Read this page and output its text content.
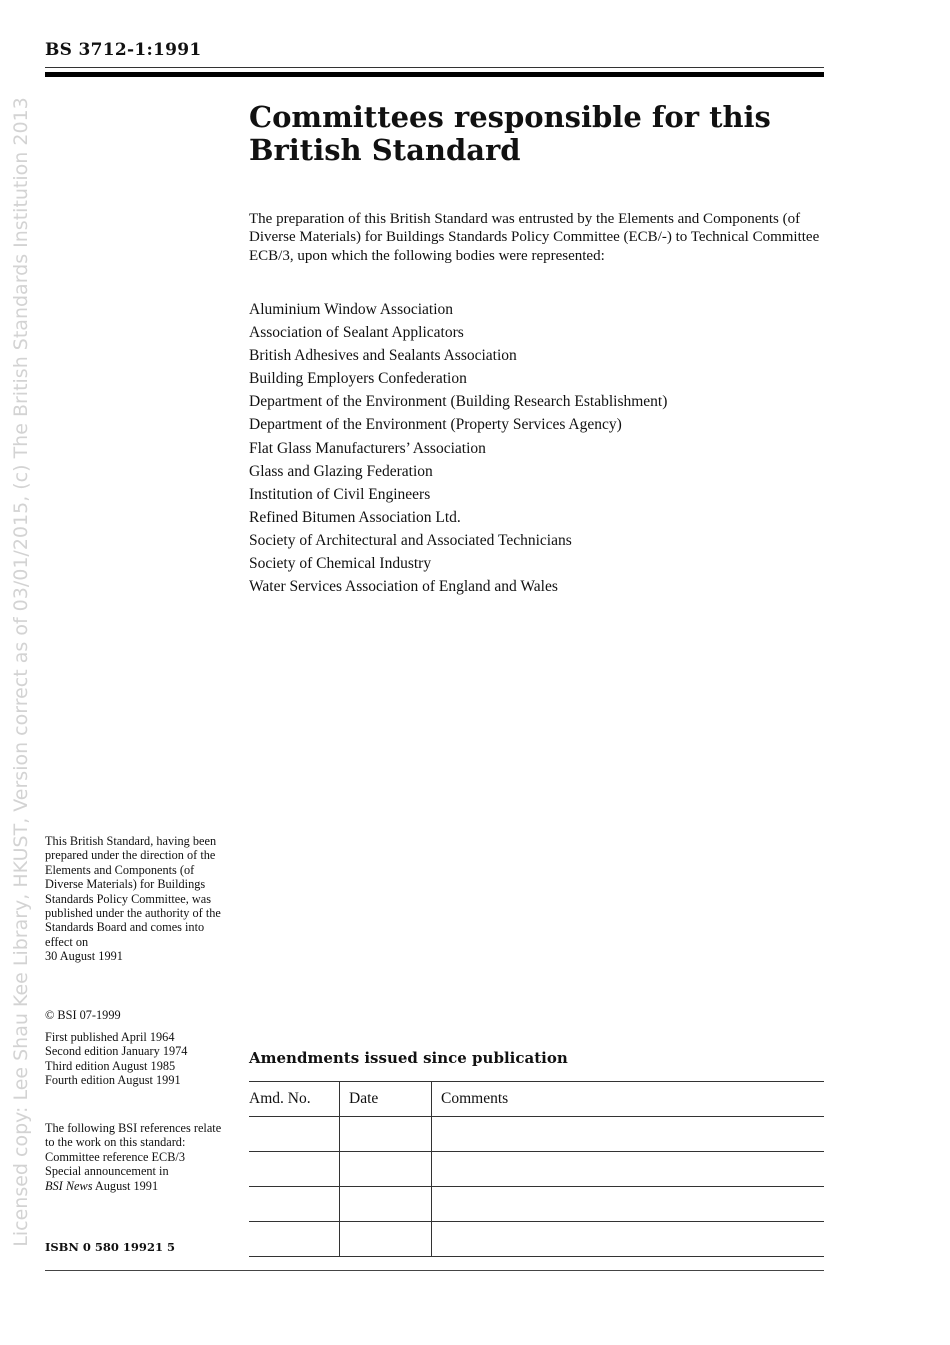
BS 3712-1:1991
Licensed copy: Lee Shau Kee Library, HKUST, Version correct as of 03/01/2015, (c) The British Standards Institution 2013	Committees responsible for this
British Standard

The preparation of this British Standard was entrusted by the Elements and Components (of Diverse Materials) for Buildings Standards Policy Committee (ECB/-) to Technical Committee ECB/3, upon which the following bodies were represented:

Aluminium Window Association
Association of Sealant Applicators
British Adhesives and Sealants Association
Building Employers Confederation
Department of the Environment (Building Research Establishment)
Department of the Environment (Property Services Agency)
Flat Glass Manufacturers’ Association
Glass and Glazing Federation
Institution of Civil Engineers
Refined Bitumen Association Ltd.
Society of Architectural and Associated Technicians
Society of Chemical Industry
Water Services Association of England and Wales

This British Standard, having been prepared under the direction of the Elements and Components (of Diverse Materials) for Buildings Standards Policy Committee, was published under the authority of the Standards Board and comes into effect on

30 August 1991

© BSI 07-1999

First published April 1964

Second edition January 1974

Third edition August 1985

Fourth edition August 1991

The following BSI references relate to the work on this standard:

Committee reference ECB/3

Special announcement in
BSI News August 1991

ISBN 0 580 19921 5
Amendments issued since publication
Amd. No.	Date	Comments
